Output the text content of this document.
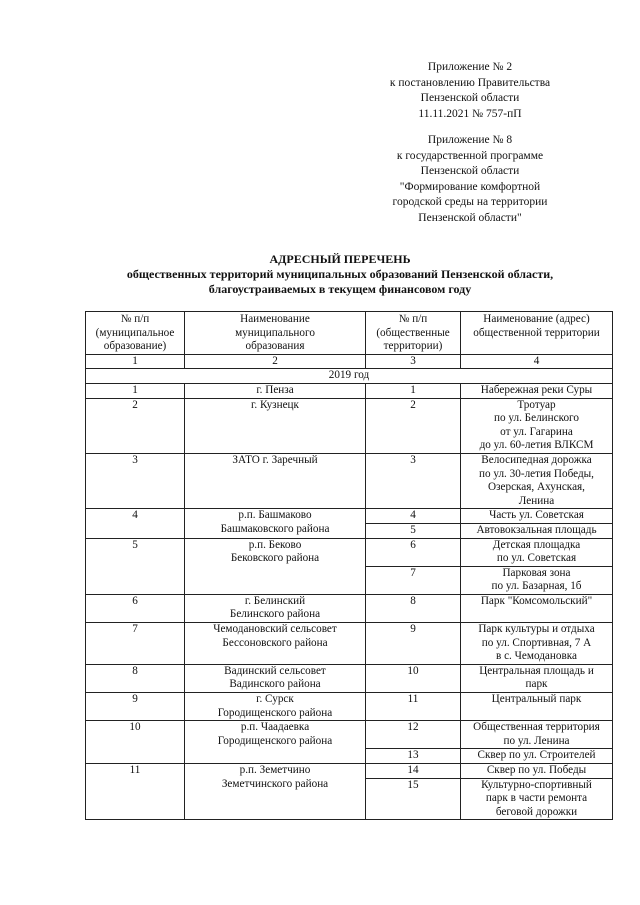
Приложение № 2
к постановлению Правительства
Пензенской области
11.11.2021 № 757-пП
Приложение № 8
к государственной программе
Пензенской области
"Формирование комфортной
городской среды на территории
Пензенской области"
АДРЕСНЫЙ ПЕРЕЧЕНЬ
общественных территорий муниципальных образований Пензенской области,
благоустраиваемых в текущем финансовом году
№ п/п
(муниципальное
образование)	Наименование
муниципального
образования	№ п/п
(общественные
территории)	Наименование (адрес)
общественной территории

1	2	3	4
2019 год			
1	г. Пенза	1	Набережная реки Суры

2	г. Кузнецк	2	Тротуар
по ул. Белинского
от ул. Гагарина
до ул. 60-летия ВЛКСМ

3	ЗАТО г. Заречный	3	Велосипедная дорожка
по ул. 30-летия Победы,
Озерская, Ахунская,
Ленина

4	р.п. Башмаково
Башмаковского района	4	Часть ул. Советская

		5	Автовокзальная площадь

5	р.п. Беково
Бековского района	6	Детская площадка
по ул. Советская

		7	Парковая зона
по ул. Базарная, 1б

6	г. Белинский
Белинского района	8	Парк "Комсомольский"

7	Чемодановский сельсовет
Бессоновского района	9	Парк культуры и отдыха
по ул. Спортивная, 7 А
в с. Чемодановка

8	Вадинский сельсовет
Вадинского района	10	Центральная площадь и
парк

9	г. Сурск
Городищенского района	11	Центральный парк

10	р.п. Чаадаевка
Городищенского района	12	Общественная территория
по ул. Ленина

		13	Сквер по ул. Строителей

11	р.п. Земетчино
Земетчинского района	14	Сквер по ул. Победы

		15	Культурно-спортивный
парк в части ремонта
беговой дорожки
